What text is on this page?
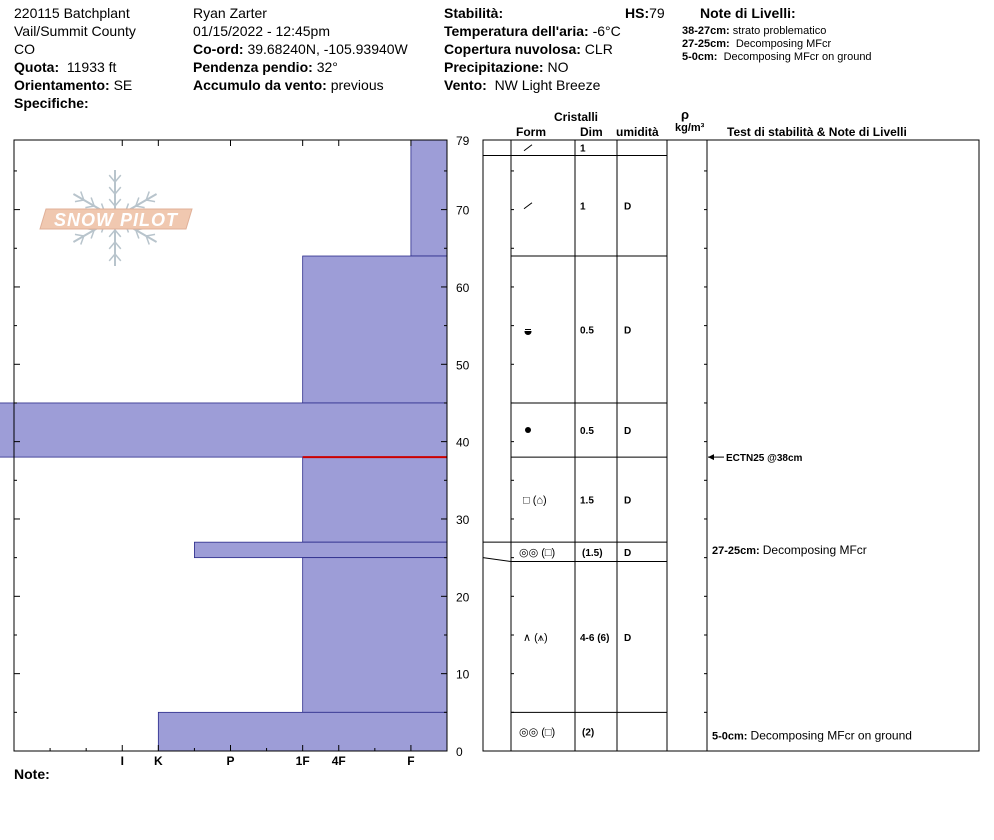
220115 Batchplant
Vail/Summit County
CO
Quota: 11933 ft
Orientamento: SE
Specifiche:
Ryan Zarter
01/15/2022 - 12:45pm
Co-ord: 39.68240N, -105.93940W
Pendenza pendio: 32°
Accumulo da vento: previous
Stabilità:	HS:79
Temperatura dell'aria: -6°C
Copertura nuvolosa: CLR
Precipitazione: NO
Vento: NW Light Breeze
Note di Livelli:
38-27cm: strato problematico
27-25cm: Decomposing MFcr
5-0cm: Decomposing MFcr on ground
Cristalli
Form	Dim umidità
ρ
kg/m³ Test di stabilità & Note di Livelli
SNOW PILOT
0
10
20
30
40
50
60
70
79
I	K	P	1F 4F	F
1
1	D
0.5	D
0.5	D
□ (⌂)	1.5	D
◎◎ (□)	(1.5) D
∧ (⩚)	4-6 (6) D
◎◎ (□)	(2)
ECTN25 @38cm
27-25cm: Decomposing MFcr
5-0cm: Decomposing MFcr on ground
Note:
